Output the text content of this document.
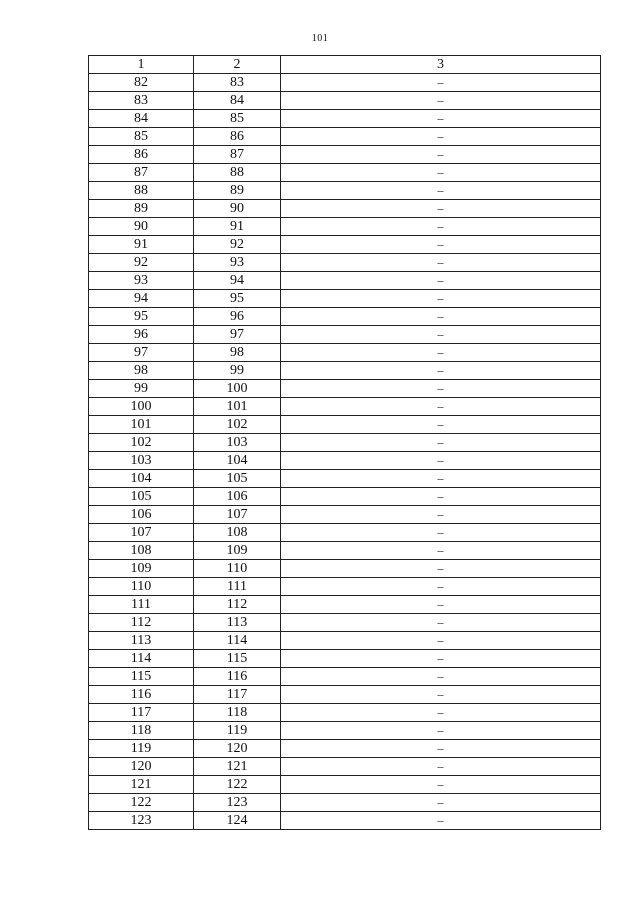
101
1	2	3
82	83	–
83	84	–
84	85	–
85	86	–
86	87	–
87	88	–
88	89	–
89	90	–
90	91	–
91	92	–
92	93	–
93	94	–
94	95	–
95	96	–
96	97	–
97	98	–
98	99	–
99	100	–
100	101	–
101	102	–
102	103	–
103	104	–
104	105	–
105	106	–
106	107	–
107	108	–
108	109	–
109	110	–
110	111	–
111	112	–
112	113	–
113	114	–
114	115	–
115	116	–
116	117	–
117	118	–
118	119	–
119	120	–
120	121	–
121	122	–
122	123	–
123	124	–
